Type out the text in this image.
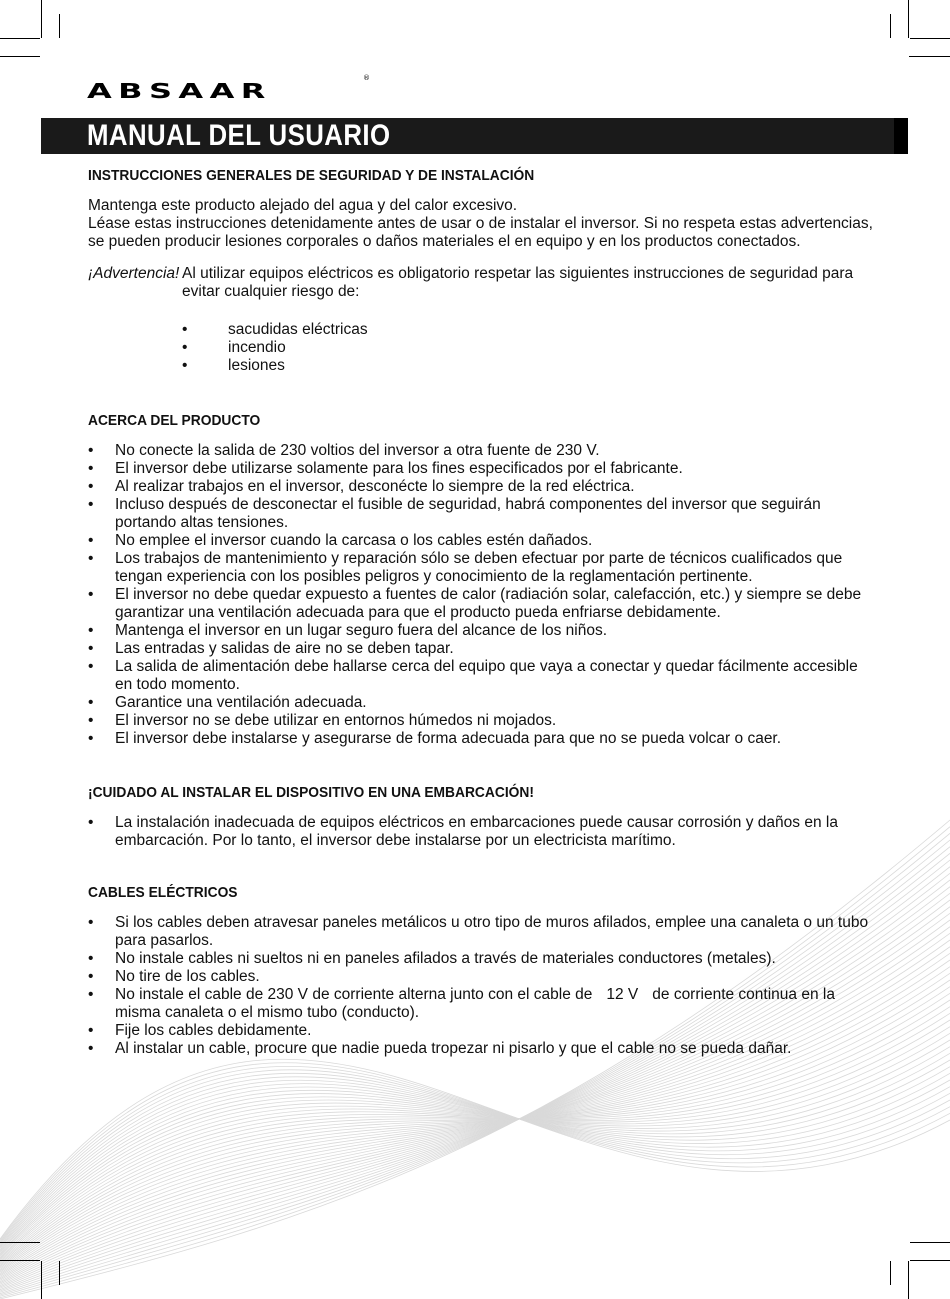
ABSAAR
®
MANUAL DEL USUARIO

INSTRUCCIONES GENERALES DE SEGURIDAD Y DE INSTALACIÓN

Mantenga este producto alejado del agua y del calor excesivo.

Léase estas instrucciones detenidamente antes de usar o de instalar el inversor. Si no respeta estas advertencias, se pueden producir lesiones corporales o daños materiales el en equipo y en los productos conectados.

¡Advertencia! Al utilizar equipos eléctricos es obligatorio respetar las siguientes instrucciones de seguridad para evitar cualquier riesgo de:
• sacudidas eléctricas
• incendio
• lesiones

ACERCA DEL PRODUCTO

• No conecte la salida de 230 voltios del inversor a otra fuente de 230 V.
• El inversor debe utilizarse solamente para los fines especificados por el fabricante.
• Al realizar trabajos en el inversor, desconécte lo siempre de la red eléctrica.
• Incluso después de desconectar el fusible de seguridad, habrá componentes del inversor que seguirán portando altas tensiones.
• No emplee el inversor cuando la carcasa o los cables estén dañados.
• Los trabajos de mantenimiento y reparación sólo se deben efectuar por parte de técnicos cualificados que tengan experiencia con los posibles peligros y conocimiento de la reglamentación pertinente.
• El inversor no debe quedar expuesto a fuentes de calor (radiación solar, calefacción, etc.) y siempre se debe garantizar una ventilación adecuada para que el producto pueda enfriarse debidamente.
• Mantenga el inversor en un lugar seguro fuera del alcance de los niños.
• Las entradas y salidas de aire no se deben tapar.
• La salida de alimentación debe hallarse cerca del equipo que vaya a conectar y quedar fácilmente accesible en todo momento.
• Garantice una ventilación adecuada.
• El inversor no se debe utilizar en entornos húmedos ni mojados.
• El inversor debe instalarse y asegurarse de forma adecuada para que no se pueda volcar o caer.

¡CUIDADO AL INSTALAR EL DISPOSITIVO EN UNA EMBARCACIÓN!

• La instalación inadecuada de equipos eléctricos en embarcaciones puede causar corrosión y daños en la embarcación. Por lo tanto, el inversor debe instalarse por un electricista marítimo.

CABLES ELÉCTRICOS

• Si los cables deben atravesar paneles metálicos u otro tipo de muros afilados, emplee una canaleta o un tubo para pasarlos.
• No instale cables ni sueltos ni en paneles afilados a través de materiales conductores (metales).
• No tire de los cables.
• No instale el cable de 230 V de corriente alterna junto con el cable de 12 V de corriente continua en la misma canaleta o el mismo tubo (conducto).
• Fije los cables debidamente.
• Al instalar un cable, procure que nadie pueda tropezar ni pisarlo y que el cable no se pueda dañar.
